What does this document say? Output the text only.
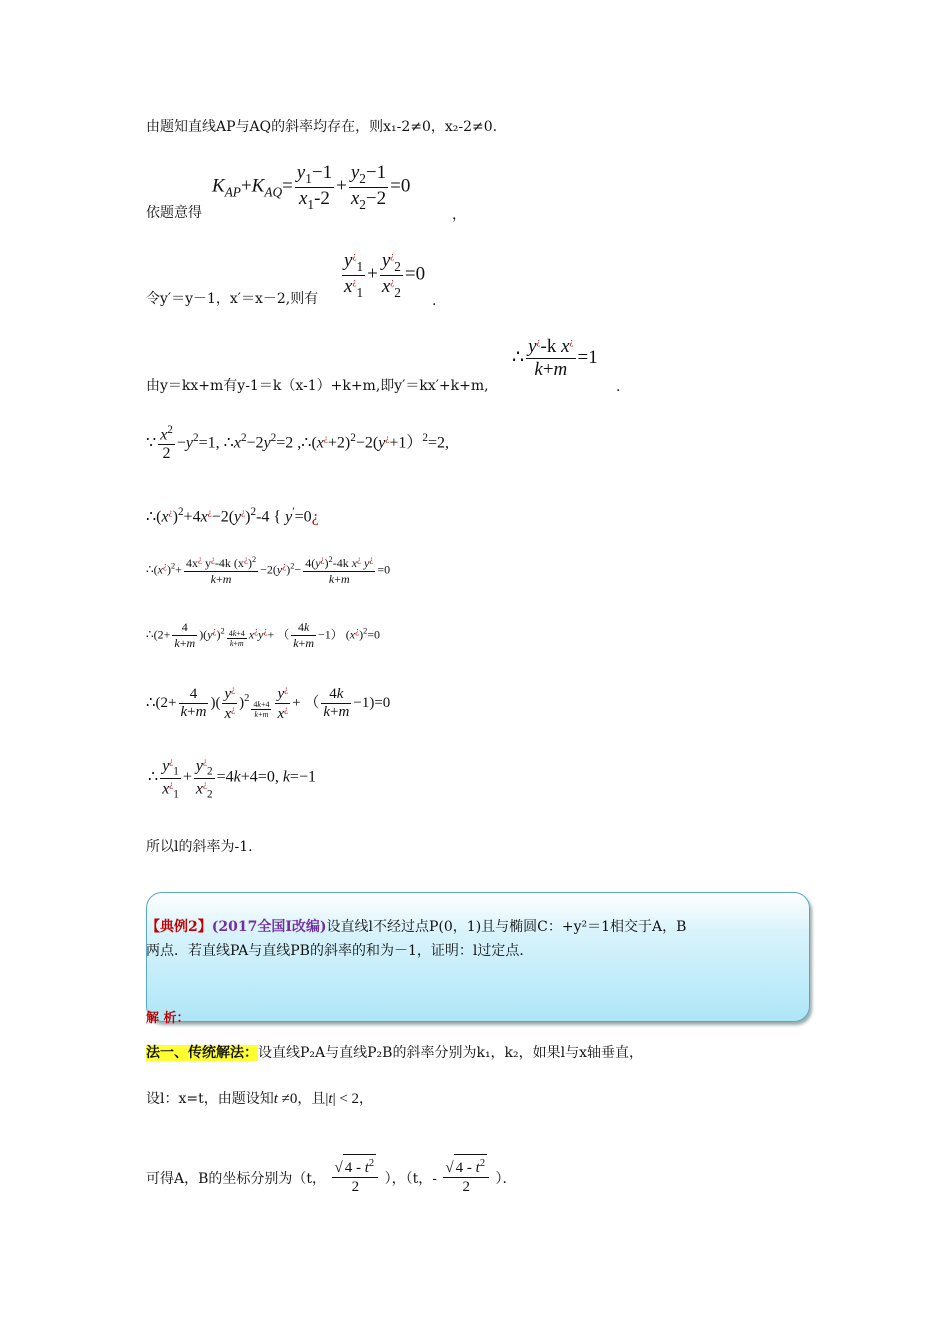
由题知直线AP与AQ的斜率均存在，则x₁-2≠0，x₂-2≠0.
依题意得
$K_{AP}+K_{AQ}= \frac{y_1-1}{x_1-2} + \frac{y_2-1}{x_2-2} =0$
，
令y′＝y－1，x′＝x－2,则有 $\frac{y^¿_1}{x^¿_1} + \frac{y^¿_2}{x^¿_2} =0$
.
由y＝kx+m有y-1＝k（x-1）+k+m,即y′＝kx′+k+m,
∴ $\frac{y^¿-k x^¿}{k+m} =1$
.
∵ $\frac{x^2}{2} -y^2=1$, $\therefore x^2-2y^2=2$ $,\therefore(x^¿+2)^2-2(y^¿+1)^2=2$,
$\therefore(x^¿)^2+4x^¿-2(y^¿)^2-4$ { y′=0¿
$\therefore(x^¿)^2+ \frac{4x^¿ y^¿-4k (x^¿)^2}{k+m} -2(y^¿)^2- \frac{4(y^¿)^2-4k x^¿ y^¿}{k+m} =0$
∴(2+ $\frac{4}{k+m} )(y^¿)^2 \frac{4k+4}{k+m} x^¿y^¿+$ （ $\frac{4k}{k+m} -1$） $(x^¿)^2=0$
∴(2+ $\frac{4}{k+m}$ )( $\frac{y^¿}{x^¿} )^2$
$\frac{4k+4}{k+m} \frac{y^¿}{x^¿}$ + （ $\frac{4k}{k+m} -1)=0$
∴ $\frac{y^¿_1}{x^¿_1} + \frac{y^¿_2}{x^¿_2} =4k+4=0$, k=−1
所以l的斜率为-1.
【典例2】(2017全国Ⅰ改编)设直线l不经过点P(0，1)且与椭圆C：+y²＝1相交于A，B
两点．若直线PA与直线PB的斜率的和为－1，证明：l过定点．
解 析：
法一、传统解法：设直线P₂A与直线P₂B的斜率分别为k₁，k₂，如果l与x轴垂直，
设l：x=t，由题设知t ≠0，且|t| < 2，
可得A，B的坐标分别为（t， $\frac{√ 4 - t^2}{2}$ ），（t，- $\frac{√ 4 - t^2}{2}$ ）．
